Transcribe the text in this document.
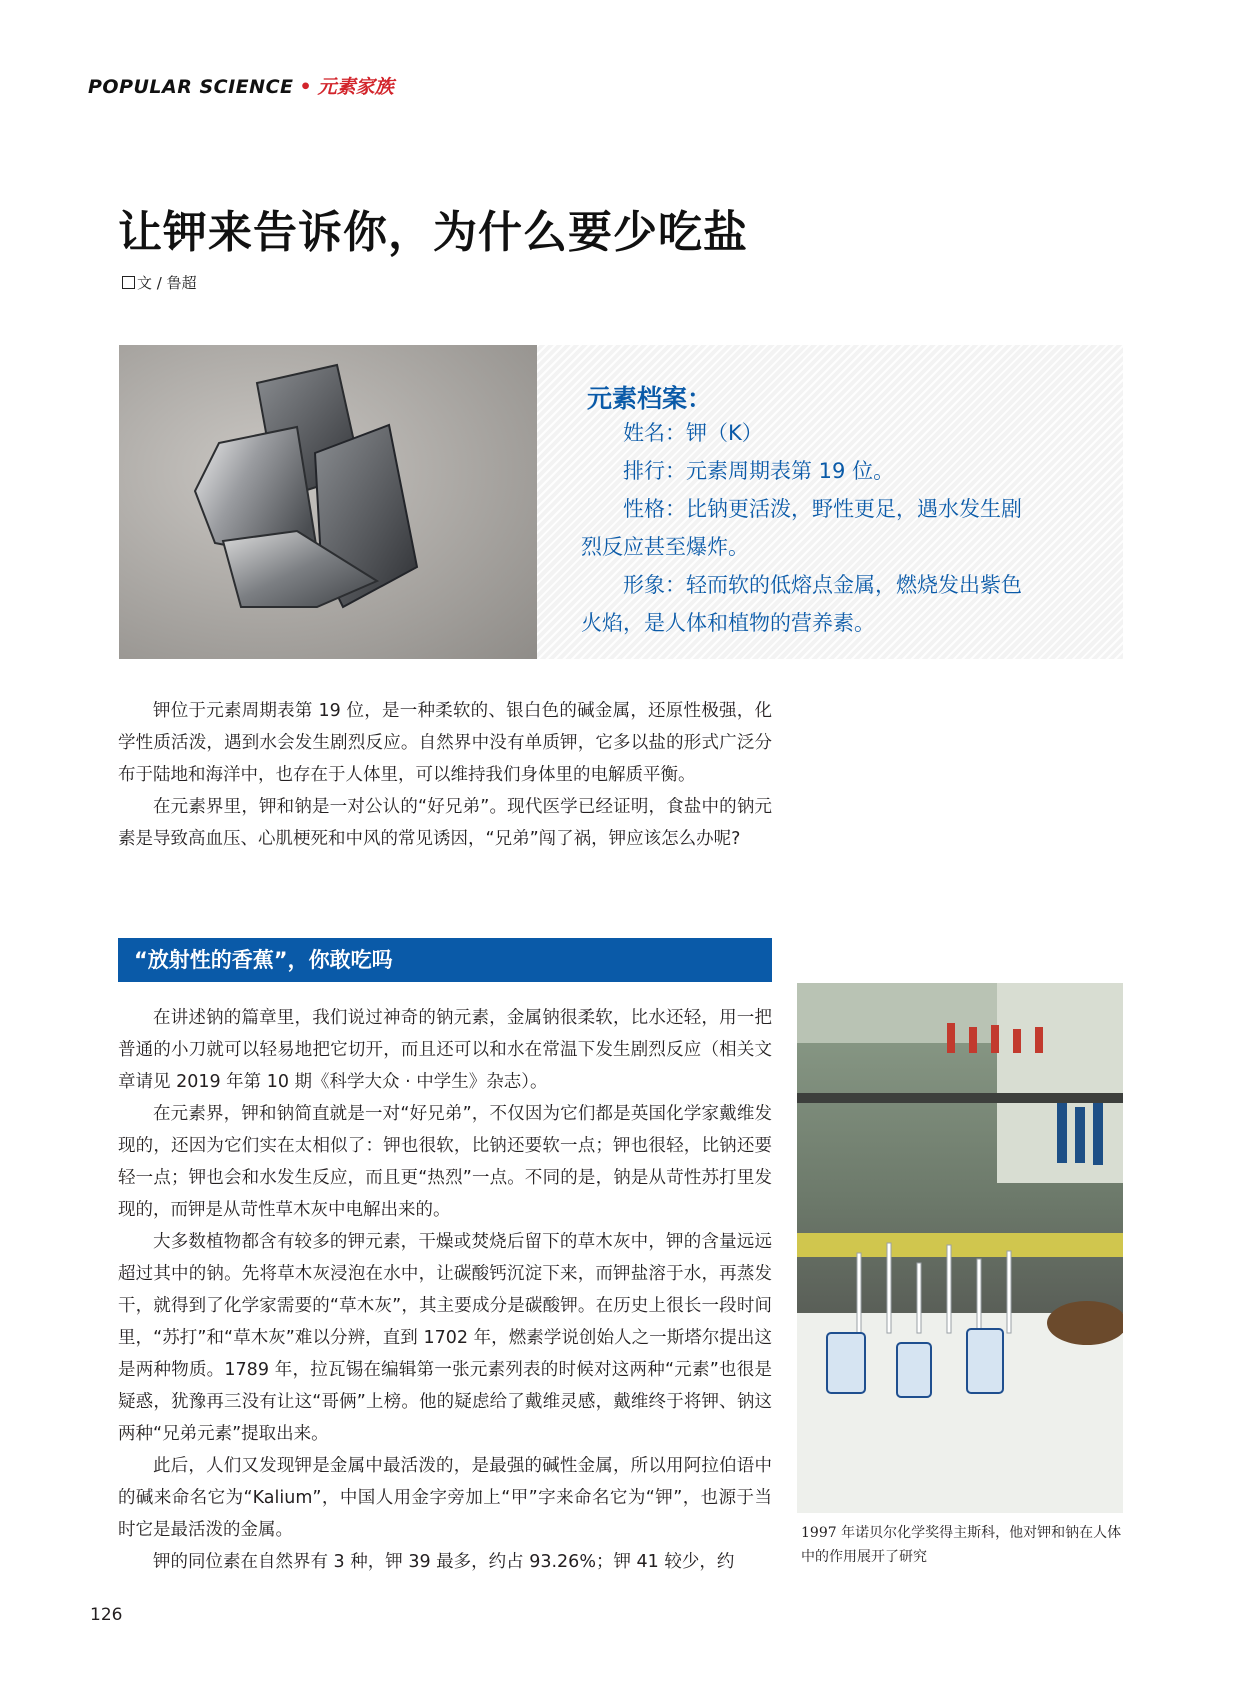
POPULAR SCIENCE • 元素家族
让钾来告诉你，为什么要少吃盐
文 / 鲁超
元素档案：
姓名：钾（K）
排行：元素周期表第 19 位。
性格：比钠更活泼，野性更足，遇水发生剧
烈反应甚至爆炸。
形象：轻而软的低熔点金属，燃烧发出紫色
火焰，是人体和植物的营养素。

钾位于元素周期表第 19 位，是一种柔软的、银白色的碱金属，还原性极强，化学性质活泼，遇到水会发生剧烈反应。自然界中没有单质钾，它多以盐的形式广泛分布于陆地和海洋中，也存在于人体里，可以维持我们身体里的电解质平衡。

在元素界里，钾和钠是一对公认的“好兄弟”。现代医学已经证明，食盐中的钠元素是导致高血压、心肌梗死和中风的常见诱因，“兄弟”闯了祸，钾应该怎么办呢?

“放射性的香蕉”，你敢吃吗

在讲述钠的篇章里，我们说过神奇的钠元素，金属钠很柔软，比水还轻，用一把普通的小刀就可以轻易地把它切开，而且还可以和水在常温下发生剧烈反应（相关文章请见 2019 年第 10 期《科学大众 · 中学生》杂志）。

在元素界，钾和钠简直就是一对“好兄弟”，不仅因为它们都是英国化学家戴维发现的，还因为它们实在太相似了：钾也很软，比钠还要软一点；钾也很轻，比钠还要轻一点；钾也会和水发生反应，而且更“热烈”一点。不同的是，钠是从苛性苏打里发现的，而钾是从苛性草木灰中电解出来的。

大多数植物都含有较多的钾元素，干燥或焚烧后留下的草木灰中，钾的含量远远超过其中的钠。先将草木灰浸泡在水中，让碳酸钙沉淀下来，而钾盐溶于水，再蒸发干，就得到了化学家需要的“草木灰”，其主要成分是碳酸钾。在历史上很长一段时间里，“苏打”和“草木灰”难以分辨，直到 1702 年，燃素学说创始人之一斯塔尔提出这是两种物质。1789 年，拉瓦锡在编辑第一张元素列表的时候对这两种“元素”也很是疑惑，犹豫再三没有让这“哥俩”上榜。他的疑虑给了戴维灵感，戴维终于将钾、钠这两种“兄弟元素”提取出来。

此后，人们又发现钾是金属中最活泼的，是最强的碱性金属，所以用阿拉伯语中的碱来命名它为“Kalium”，中国人用金字旁加上“甲”字来命名它为“钾”，也源于当时它是最活泼的金属。

钾的同位素在自然界有 3 种，钾 39 最多，约占 93.26%；钾 41 较少，约

1997 年诺贝尔化学奖得主斯科，他对钾和钠在人体中的作用展开了研究
126
